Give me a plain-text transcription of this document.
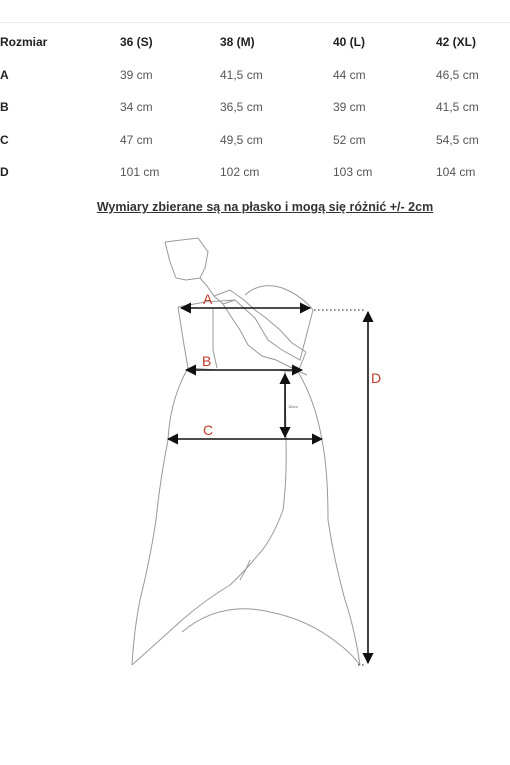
Rozmiar	36 (S)	38 (M)	40 (L)	42 (XL)
A	39 cm	41,5 cm	44 cm	46,5 cm
B	34 cm	36,5 cm	39 cm	41,5 cm
C	47 cm	49,5 cm	52 cm	54,5 cm
D	101 cm	102 cm	103 cm	104 cm
Wymiary zbierane są na płasko i mogą się różnić +/- 2cm
A
B
18cm
C
D
